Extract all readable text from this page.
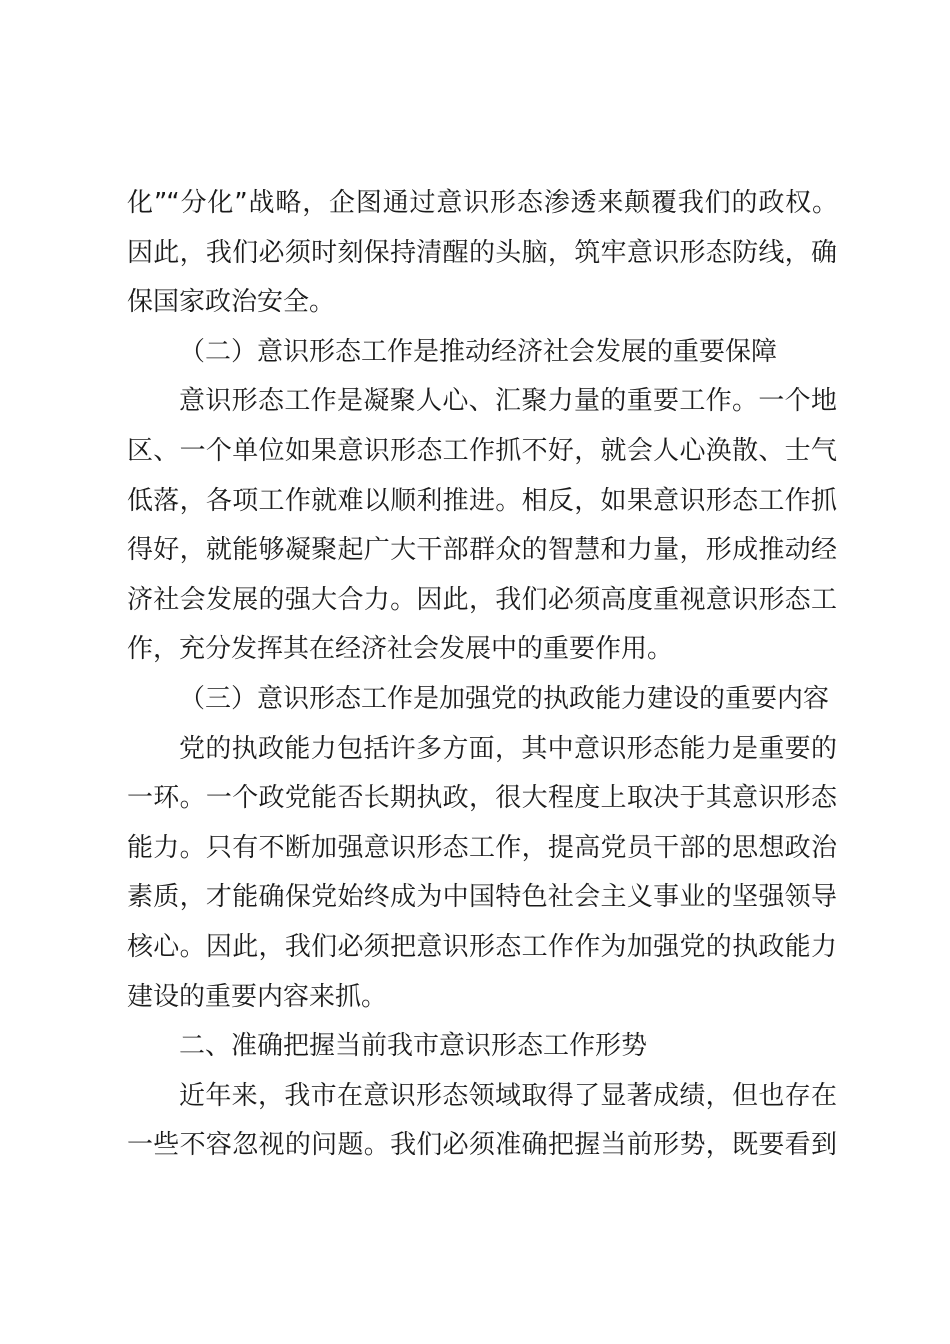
化”“分化”战略，企图通过意识形态渗透来颠覆我们的政权。
因此，我们必须时刻保持清醒的头脑，筑牢意识形态防线，确
保国家政治安全。
（二）意识形态工作是推动经济社会发展的重要保障
意识形态工作是凝聚人心、汇聚力量的重要工作。一个地
区、一个单位如果意识形态工作抓不好，就会人心涣散、士气
低落，各项工作就难以顺利推进。相反，如果意识形态工作抓
得好，就能够凝聚起广大干部群众的智慧和力量，形成推动经
济社会发展的强大合力。因此，我们必须高度重视意识形态工
作，充分发挥其在经济社会发展中的重要作用。
（三）意识形态工作是加强党的执政能力建设的重要内容
党的执政能力包括许多方面，其中意识形态能力是重要的
一环。一个政党能否长期执政，很大程度上取决于其意识形态
能力。只有不断加强意识形态工作，提高党员干部的思想政治
素质，才能确保党始终成为中国特色社会主义事业的坚强领导
核心。因此，我们必须把意识形态工作作为加强党的执政能力
建设的重要内容来抓。
二、准确把握当前我市意识形态工作形势
近年来，我市在意识形态领域取得了显著成绩，但也存在
一些不容忽视的问题。我们必须准确把握当前形势，既要看到
